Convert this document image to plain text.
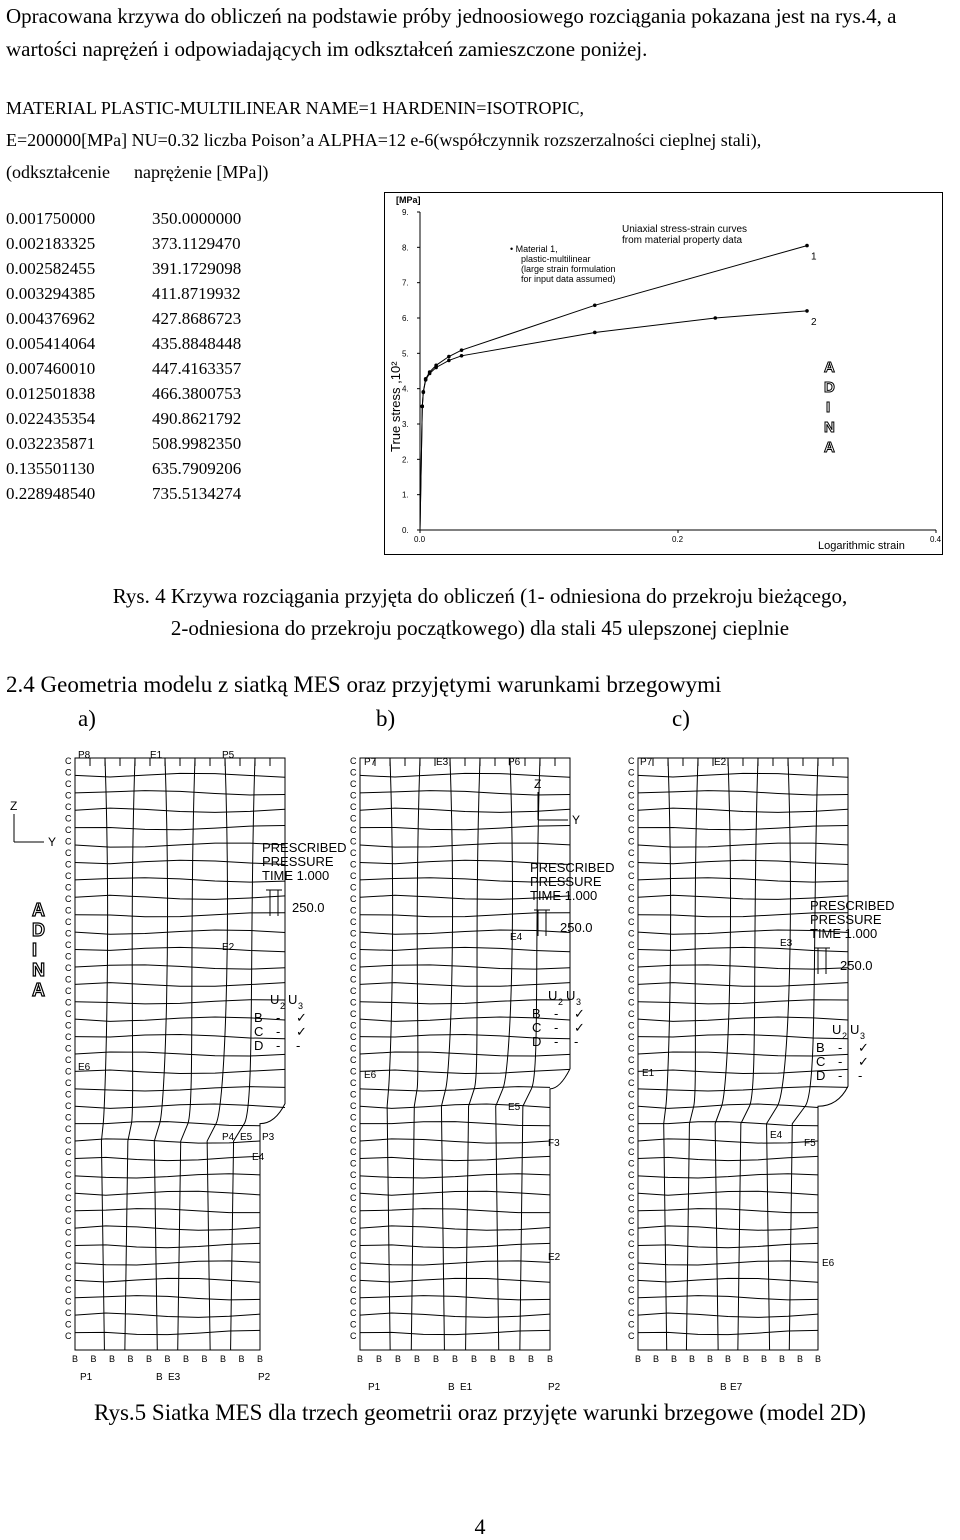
Opracowana krzywa do obliczeń na podstawie próby jednoosiowego rozciągania pokazana jest na rys.4, a wartości naprężeń i odpowiadających im odkształceń zamieszczone poniżej.
MATERIAL PLASTIC-MULTILINEAR NAME=1 HARDENIN=ISOTROPIC,
E=200000[MPa] NU=0.32 liczba Poison’a ALPHA=12 e-6(współczynnik rozszerzalności cieplnej stali),
(odkształcenie naprężenie [MPa])
0.001750000	350.0000000
0.002183325	373.1129470
0.002582455	391.1729098
0.003294385	411.8719932
0.004376962	427.8686723
0.005414064	435.8848448
0.007460010	447.4163357
0.012501838	466.3800753
0.022435354	490.8621792
0.032235871	508.9982350
0.135501130	635.7909206
0.228948540	735.5134274
[MPa]
0.
1.
2.
3.
4.
5.
6.
7.
8.
9.
0.0	0.2	0.4
True stress ,10²
Logarithmic strain
Uniaxial stress-strain curves from material property data
1
2
• Material 1,
plastic-multilinear
(large strain formulation
for input data assumed)
A
D
I
N
A
Rys. 4 Krzywa rozciągania przyjęta do obliczeń (1- odniesiona do przekroju bieżącego,
2-odniesiona do przekroju początkowego) dla stali 45 ulepszonej cieplnie
2.4 Geometria modelu z siatką MES oraz przyjętymi warunkami brzegowymi
a)	b)	c)
C
C
C
C
C
C
C
C
C
C
C
C
C
C
C
C
C
C
C
C
C
C
C
C
C
C
C
C
C
C
C
C
C
C
C
C
C
C
C
C
C
C
C
C
C
C
C
C
C
C
C
B B B B B B B B B B B
C
C
C
C
C
C
C
C
C
C
C
C
C
C
C
C
C
C
C
C
C
C
C
C
C
C
C
C
C
C
C
C
C
C
C
C
C
C
C
C
C
C
C
C
C
C
C
C
C
C
C
B B B B B B B B B B B
C
C
C
C
C
C
C
C
C
C
C
C
C
C
C
C
C
C
C
C
C
C
C
C
C
C
C
C
C
C
C
C
C
C
C
C
C
C
C
C
C
C
C
C
C
C
C
C
C
C
C
B B B B B B B B B B B
P8	E1	P5
E2
E6
E4
P4 E5 P3
P1	B E3	P2
P7	E3	P6
E4
E6
E5
F3
E2
P1	B E1	P2
P7	E2
E3
E1
E4
F5
E6
B E7
Z
Y
Z
Y
PRESCRIBED
PRESSURE
TIME 1.000
250.0
PRESCRIBED
PRESSURE
TIME 1.000
250.0
PRESCRIBED
PRESSURE
TIME 1.000
250.0
U 2 U 3
B - ✓
C - ✓
D - -
U 2 U 3
B - ✓
C - ✓
D - -
U 2 U 3
B - ✓
C - ✓
D - -
A
D
I
N
A
Rys.5 Siatka MES dla trzech geometrii oraz przyjęte warunki brzegowe (model 2D)
4
